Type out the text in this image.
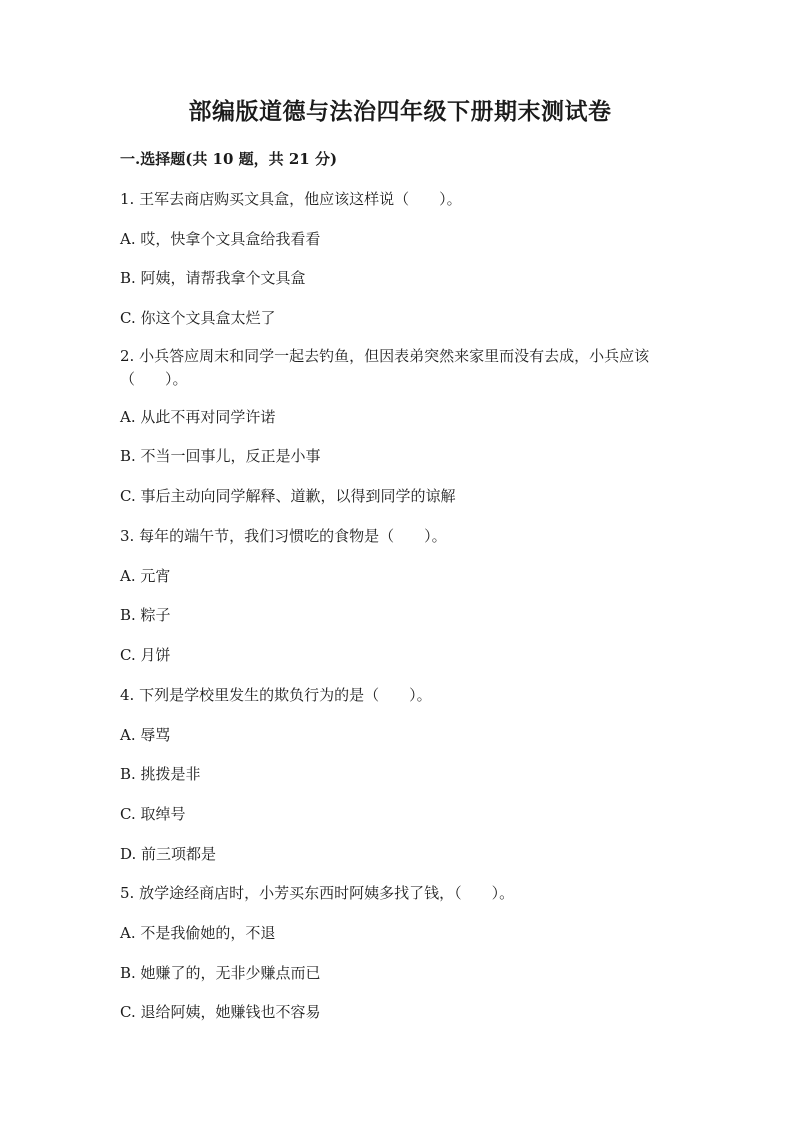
部编版道德与法治四年级下册期末测试卷
一.选择题(共 10 题，共 21 分)
1. 王军去商店购买文具盒，他应该这样说（　　）。
A. 哎，快拿个文具盒给我看看
B. 阿姨，请帮我拿个文具盒
C. 你这个文具盒太烂了
2. 小兵答应周末和同学一起去钓鱼，但因表弟突然来家里而没有去成，小兵应该（　　）。
A. 从此不再对同学许诺
B. 不当一回事儿，反正是小事
C. 事后主动向同学解释、道歉，以得到同学的谅解
3. 每年的端午节，我们习惯吃的食物是（　　）。
A. 元宵
B. 粽子
C. 月饼
4. 下列是学校里发生的欺负行为的是（　　）。
A. 辱骂
B. 挑拨是非
C. 取绰号
D. 前三项都是
5. 放学途经商店时，小芳买东西时阿姨多找了钱，（　　）。
A. 不是我偷她的，不退
B. 她赚了的，无非少赚点而已
C. 退给阿姨，她赚钱也不容易
